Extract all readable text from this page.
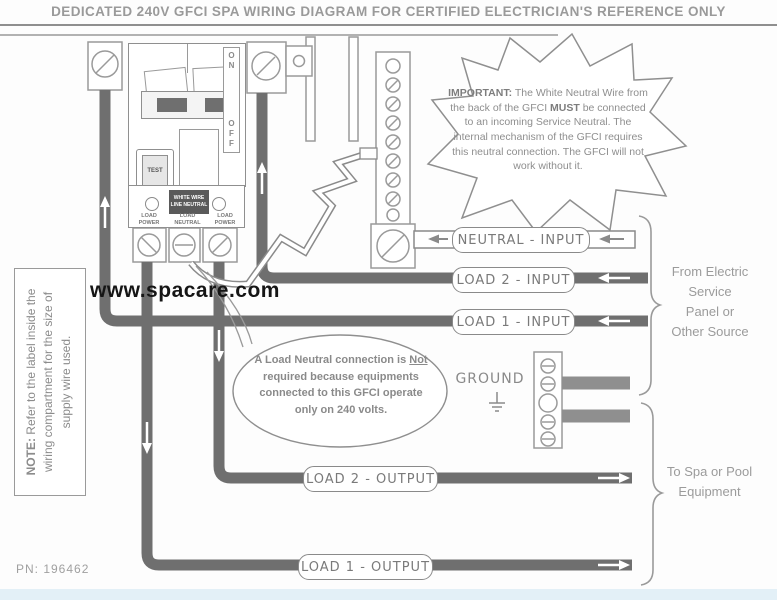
DEDICATED 240V GFCI SPA WIRING DIAGRAM FOR CERTIFIED ELECTRICIAN'S REFERENCE ONLY
ON
OFF
TEST
WHITE WIRE
LINE NEUTRAL
LOAD POWER
LOAD NEUTRAL
LOAD POWER
NEUTRAL - INPUT
LOAD 2 - INPUT
LOAD 1 - INPUT
LOAD 2 - OUTPUT
LOAD 1 - OUTPUT
IMPORTANT: The White Neutral Wire from the back of the GFCI MUST be connected to an incoming Service Neutral. The internal mechanism of the GFCI requires this neutral connection. The GFCI will not work without it.
A Load Neutral connection is Not required because equipments connected to this GFCI operate only on 240 volts.
GROUND
From Electric Service Panel or Other Source
To Spa or Pool Equipment
NOTE: Refer to the label inside the wiring compartment for the size of supply wire used.
www.spacare.com
PN: 196462
